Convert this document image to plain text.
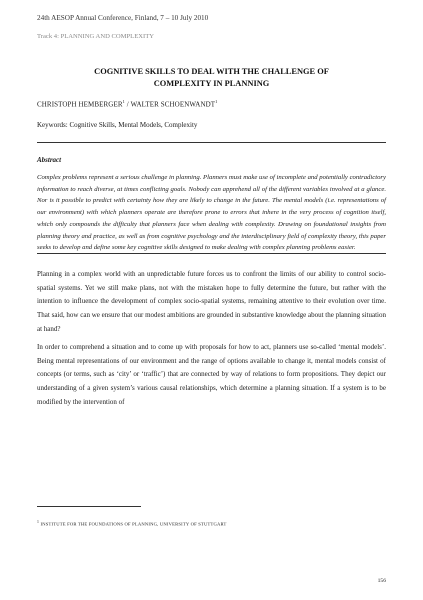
24th AESOP Annual Conference, Finland, 7 – 10 July 2010
Track 4: PLANNING AND COMPLEXITY
COGNITIVE SKILLS TO DEAL WITH THE CHALLENGE OF
COMPLEXITY IN PLANNING
CHRISTOPH HEMBERGER$^1$ / WALTER SCHOENWANDT$^1$
Keywords: Cognitive Skills, Mental Models, Complexity
Abstract
Complex problems represent a serious challenge in planning. Planners must make use of incomplete and potentially contradictory information to reach diverse, at times conflicting goals. Nobody can apprehend all of the different variables involved at a glance. Nor is it possible to predict with certainty how they are likely to change in the future. The mental models (i.e. representations of our environment) with which planners operate are therefore prone to errors that inhere in the very process of cognition itself, which only compounds the difficulty that planners face when dealing with complexity. Drawing on foundational insights from planning theory and practice, as well as from cognitive psychology and the interdisciplinary field of complexity theory, this paper seeks to develop and define some key cognitive skills designed to make dealing with complex planning problems easier.
Planning in a complex world with an unpredictable future forces us to confront the limits of our ability to control socio-spatial systems. Yet we still make plans, not with the mistaken hope to fully determine the future, but rather with the intention to influence the development of complex socio-spatial systems, remaining attentive to their evolution over time. That said, how can we ensure that our modest ambitions are grounded in substantive knowledge about the planning situation at hand?
In order to comprehend a situation and to come up with proposals for how to act, planners use so-called ‘mental models’. Being mental representations of our environment and the range of options available to change it, mental models consist of concepts (or terms, such as ‘city’ or ‘traffic’) that are connected by way of relations to form propositions. They depict our understanding of a given system’s various causal relationships, which determine a planning situation. If a system is to be modified by the intervention of
$^1$ INSTITUTE FOR THE FOUNDATIONS OF PLANNING, UNIVERSITY OF STUTTGART
156
